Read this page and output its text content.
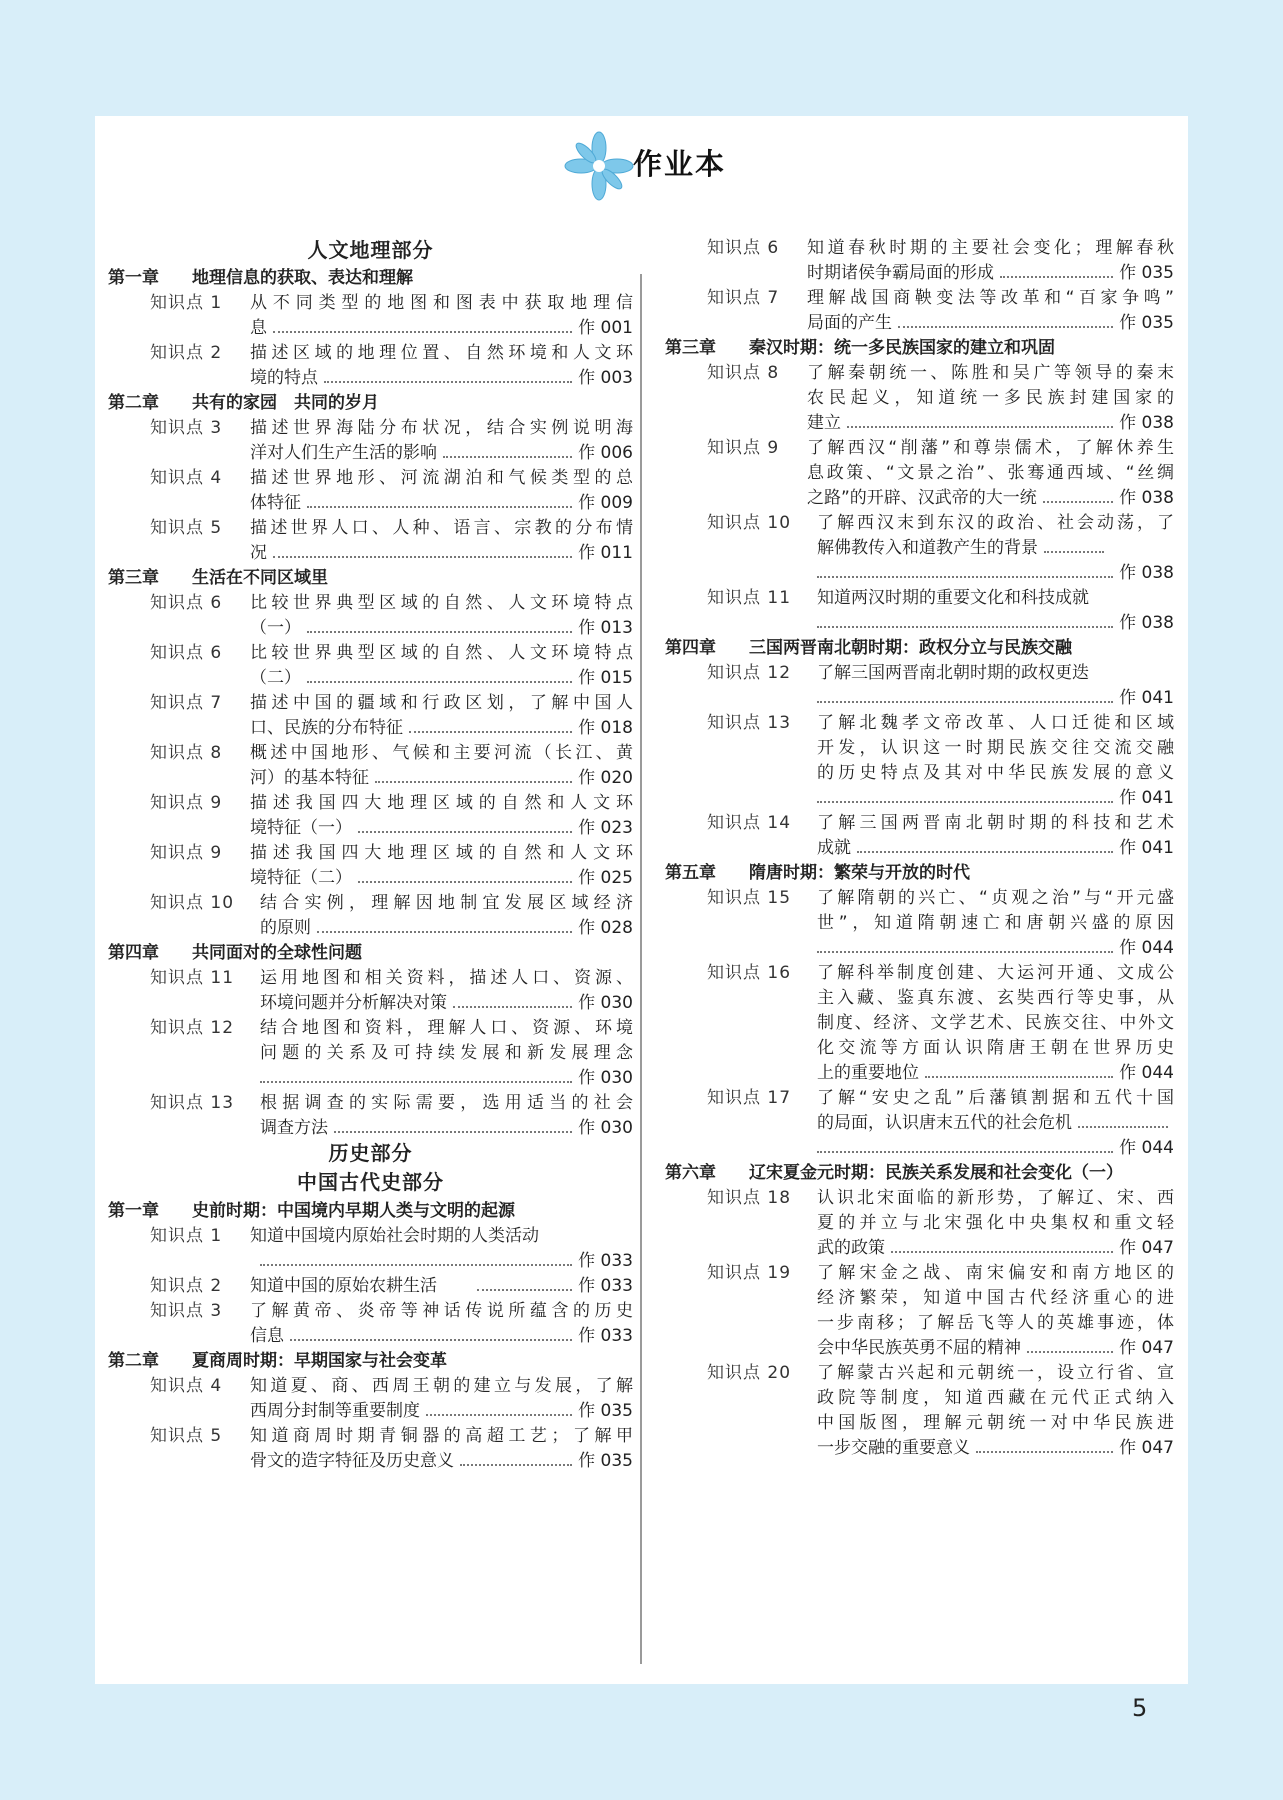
作业本
人文地理部分
第一章 地理信息的获取、表达和理解
知识点 1 从不同类型的地图和图表中获取地理信
息	作 001
知识点 2 描述区域的地理位置、自然环境和人文环
境的特点	作 003
第二章 共有的家园　共同的岁月
知识点 3 描述世界海陆分布状况，结合实例说明海
洋对人们生产生活的影响	作 006
知识点 4 描述世界地形、河流湖泊和气候类型的总
体特征	作 009
知识点 5 描述世界人口、人种、语言、宗教的分布情
况	作 011
第三章 生活在不同区域里
知识点 6 比较世界典型区域的自然、人文环境特点
（一）	作 013
知识点 6 比较世界典型区域的自然、人文环境特点
（二）	作 015
知识点 7 描述中国的疆域和行政区划，了解中国人
口、民族的分布特征	作 018
知识点 8 概述中国地形、气候和主要河流（长江、黄
河）的基本特征	作 020
知识点 9 描述我国四大地理区域的自然和人文环
境特征（一）	作 023
知识点 9 描述我国四大地理区域的自然和人文环
境特征（二）	作 025
知识点 10 结合实例，理解因地制宜发展区域经济
的原则	作 028
第四章 共同面对的全球性问题
知识点 11 运用地图和相关资料，描述人口、资源、
环境问题并分析解决对策	作 030
知识点 12 结合地图和资料，理解人口、资源、环境
问题的关系及可持续发展和新发展理念
作 030
知识点 13 根据调查的实际需要，选用适当的社会
调查方法	作 030
历史部分
中国古代史部分
第一章 史前时期：中国境内早期人类与文明的起源
知识点 1 知道中国境内原始社会时期的人类活动
作 033
知识点 2 知道中国的原始农耕生活	作 033
知识点 3 了解黄帝、炎帝等神话传说所蕴含的历史
信息	作 033
第二章 夏商周时期：早期国家与社会变革
知识点 4 知道夏、商、西周王朝的建立与发展，了解
西周分封制等重要制度	作 035
知识点 5 知道商周时期青铜器的高超工艺；了解甲
骨文的造字特征及历史意义	作 035
知识点 6 知道春秋时期的主要社会变化；理解春秋
时期诸侯争霸局面的形成	作 035
知识点 7 理解战国商鞅变法等改革和“百家争鸣”
局面的产生	作 035
第三章 秦汉时期：统一多民族国家的建立和巩固
知识点 8 了解秦朝统一、陈胜和吴广等领导的秦末
农民起义，知道统一多民族封建国家的
建立	作 038
知识点 9 了解西汉“削藩”和尊崇儒术，了解休养生
息政策、“文景之治”、张骞通西域、“丝绸
之路”的开辟、汉武帝的大一统	作 038
知识点 10 了解西汉末到东汉的政治、社会动荡，了
解佛教传入和道教产生的背景
作 038
知识点 11 知道两汉时期的重要文化和科技成就
作 038
第四章 三国两晋南北朝时期：政权分立与民族交融
知识点 12 了解三国两晋南北朝时期的政权更迭
作 041
知识点 13 了解北魏孝文帝改革、人口迁徙和区域
开发，认识这一时期民族交往交流交融
的历史特点及其对中华民族发展的意义
作 041
知识点 14 了解三国两晋南北朝时期的科技和艺术
成就	作 041
第五章 隋唐时期：繁荣与开放的时代
知识点 15 了解隋朝的兴亡、“贞观之治”与“开元盛
世”，知道隋朝速亡和唐朝兴盛的原因
作 044
知识点 16 了解科举制度创建、大运河开通、文成公
主入藏、鉴真东渡、玄奘西行等史事，从
制度、经济、文学艺术、民族交往、中外文
化交流等方面认识隋唐王朝在世界历史
上的重要地位	作 044
知识点 17 了解“安史之乱”后藩镇割据和五代十国
的局面，认识唐末五代的社会危机
作 044
第六章 辽宋夏金元时期：民族关系发展和社会变化（一）
知识点 18 认识北宋面临的新形势，了解辽、宋、西
夏的并立与北宋强化中央集权和重文轻
武的政策	作 047
知识点 19 了解宋金之战、南宋偏安和南方地区的
经济繁荣，知道中国古代经济重心的进
一步南移；了解岳飞等人的英雄事迹，体
会中华民族英勇不屈的精神	作 047
知识点 20 了解蒙古兴起和元朝统一，设立行省、宣
政院等制度，知道西藏在元代正式纳入
中国版图，理解元朝统一对中华民族进
一步交融的重要意义	作 047
5
